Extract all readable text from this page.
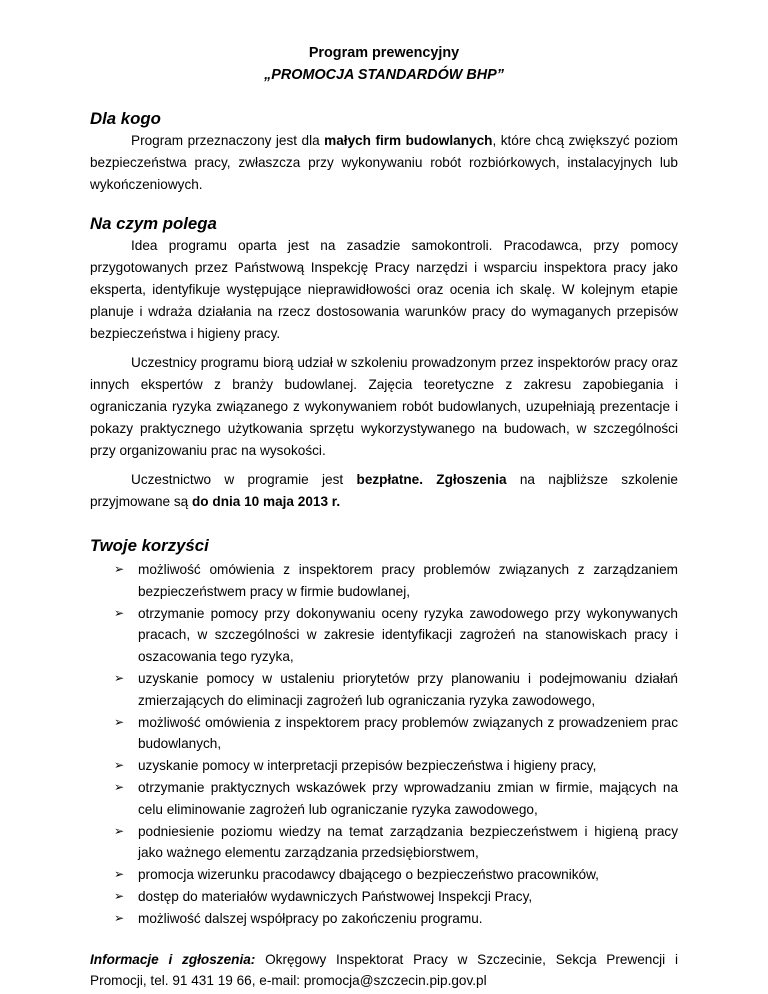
Program prewencyjny
„PROMOCJA STANDARDÓW BHP”
Dla kogo

Program przeznaczony jest dla małych firm budowlanych, które chcą zwiększyć poziom bezpieczeństwa pracy, zwłaszcza przy wykonywaniu robót rozbiórkowych, instalacyjnych lub wykończeniowych.

Na czym polega

Idea programu oparta jest na zasadzie samokontroli. Pracodawca, przy pomocy przygotowanych przez Państwową Inspekcję Pracy narzędzi i wsparciu inspektora pracy jako eksperta, identyfikuje występujące nieprawidłowości oraz ocenia ich skalę. W kolejnym etapie planuje i wdraża działania na rzecz dostosowania warunków pracy do wymaganych przepisów bezpieczeństwa i higieny pracy.

Uczestnicy programu biorą udział w szkoleniu prowadzonym przez inspektorów pracy oraz innych ekspertów z branży budowlanej. Zajęcia teoretyczne z zakresu zapobiegania i ograniczania ryzyka związanego z wykonywaniem robót budowlanych, uzupełniają prezentacje i pokazy praktycznego użytkowania sprzętu wykorzystywanego na budowach, w szczególności przy organizowaniu prac na wysokości.

Uczestnictwo w programie jest bezpłatne. Zgłoszenia na najbliższe szkolenie przyjmowane są do dnia 10 maja 2013 r.

Twoje korzyści
➢ możliwość omówienia z inspektorem pracy problemów związanych z zarządzaniem bezpieczeństwem pracy w firmie budowlanej,
➢ otrzymanie pomocy przy dokonywaniu oceny ryzyka zawodowego przy wykonywanych pracach, w szczególności w zakresie identyfikacji zagrożeń na stanowiskach pracy i oszacowania tego ryzyka,
➢ uzyskanie pomocy w ustaleniu priorytetów przy planowaniu i podejmowaniu działań zmierzających do eliminacji zagrożeń lub ograniczania ryzyka zawodowego,
➢ możliwość omówienia z inspektorem pracy problemów związanych z prowadzeniem prac budowlanych,
➢ uzyskanie pomocy w interpretacji przepisów bezpieczeństwa i higieny pracy,
➢ otrzymanie praktycznych wskazówek przy wprowadzaniu zmian w firmie, mających na celu eliminowanie zagrożeń lub ograniczanie ryzyka zawodowego,
➢ podniesienie poziomu wiedzy na temat zarządzania bezpieczeństwem i higieną pracy jako ważnego elementu zarządzania przedsiębiorstwem,
➢ promocja wizerunku pracodawcy dbającego o bezpieczeństwo pracowników,
➢ dostęp do materiałów wydawniczych Państwowej Inspekcji Pracy,
➢ możliwość dalszej współpracy po zakończeniu programu.

Informacje i zgłoszenia: Okręgowy Inspektorat Pracy w Szczecinie, Sekcja Prewencji i Promocji, tel. 91 431 19 66, e-mail: promocja@szczecin.pip.gov.pl
